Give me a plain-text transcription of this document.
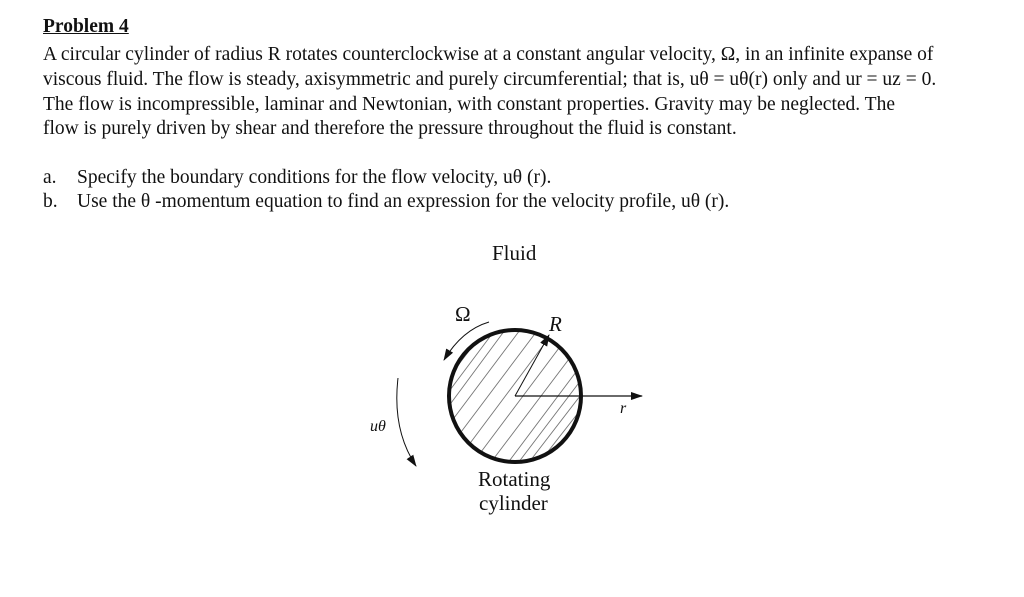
Problem 4
A circular cylinder of radius R rotates counterclockwise at a constant angular velocity, Ω, in an infinite expanse of
viscous fluid. The flow is steady, axisymmetric and purely circumferential; that is, uθ = uθ(r) only and ur = uz = 0.
The flow is incompressible, laminar and Newtonian, with constant properties. Gravity may be neglected. The
flow is purely driven by shear and therefore the pressure throughout the fluid is constant.
a. Specify the boundary conditions for the flow velocity, uθ (r).
b. Use the θ -momentum equation to find an expression for the velocity profile, uθ (r).
Fluid
Ω	R
r
uθ
Rotating
cylinder
